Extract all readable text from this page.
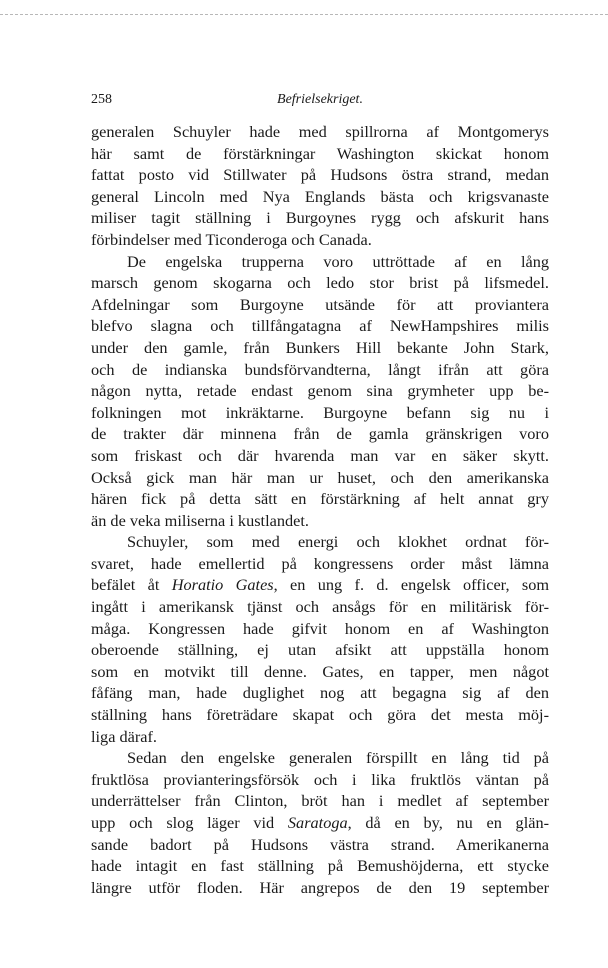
258	Befrielsekriget.
generalen Schuyler hade med spillrorna af Montgomerys
här samt de förstärkningar Washington skickat honom
fattat posto vid Stillwater på Hudsons östra strand, medan
general Lincoln med Nya Englands bästa och krigsvanaste
miliser tagit ställning i Burgoynes rygg och afskurit hans
förbindelser med Ticonderoga och Canada.
De engelska trupperna voro uttröttade af en lång
marsch genom skogarna och ledo stor brist på lifsmedel.
Afdelningar som Burgoyne utsände för att proviantera
blefvo slagna och tillfångatagna af NewHampshires milis
under den gamle, från Bunkers Hill bekante John Stark,
och de indianska bundsförvandterna, långt ifrån att göra
någon nytta, retade endast genom sina grymheter upp be-
folkningen mot inkräktarne. Burgoyne befann sig nu i
de trakter där minnena från de gamla gränskrigen voro
som friskast och där hvarenda man var en säker skytt.
Också gick man här man ur huset, och den amerikanska
hären fick på detta sätt en förstärkning af helt annat gry
än de veka miliserna i kustlandet.
Schuyler, som med energi och klokhet ordnat för-
svaret, hade emellertid på kongressens order måst lämna
befälet åt Horatio Gates, en ung f. d. engelsk officer, som
ingått i amerikansk tjänst och ansågs för en militärisk för-
måga. Kongressen hade gifvit honom en af Washington
oberoende ställning, ej utan afsikt att uppställa honom
som en motvikt till denne. Gates, en tapper, men något
fåfäng man, hade duglighet nog att begagna sig af den
ställning hans företrädare skapat och göra det mesta möj-
liga däraf.
Sedan den engelske generalen förspillt en lång tid på
fruktlösa provianteringsförsök och i lika fruktlös väntan på
underrättelser från Clinton, bröt han i medlet af september
upp och slog läger vid Saratoga, då en by, nu en glän-
sande badort på Hudsons västra strand. Amerikanerna
hade intagit en fast ställning på Bemushöjderna, ett stycke
längre utför floden. Här angrepos de den 19 september
